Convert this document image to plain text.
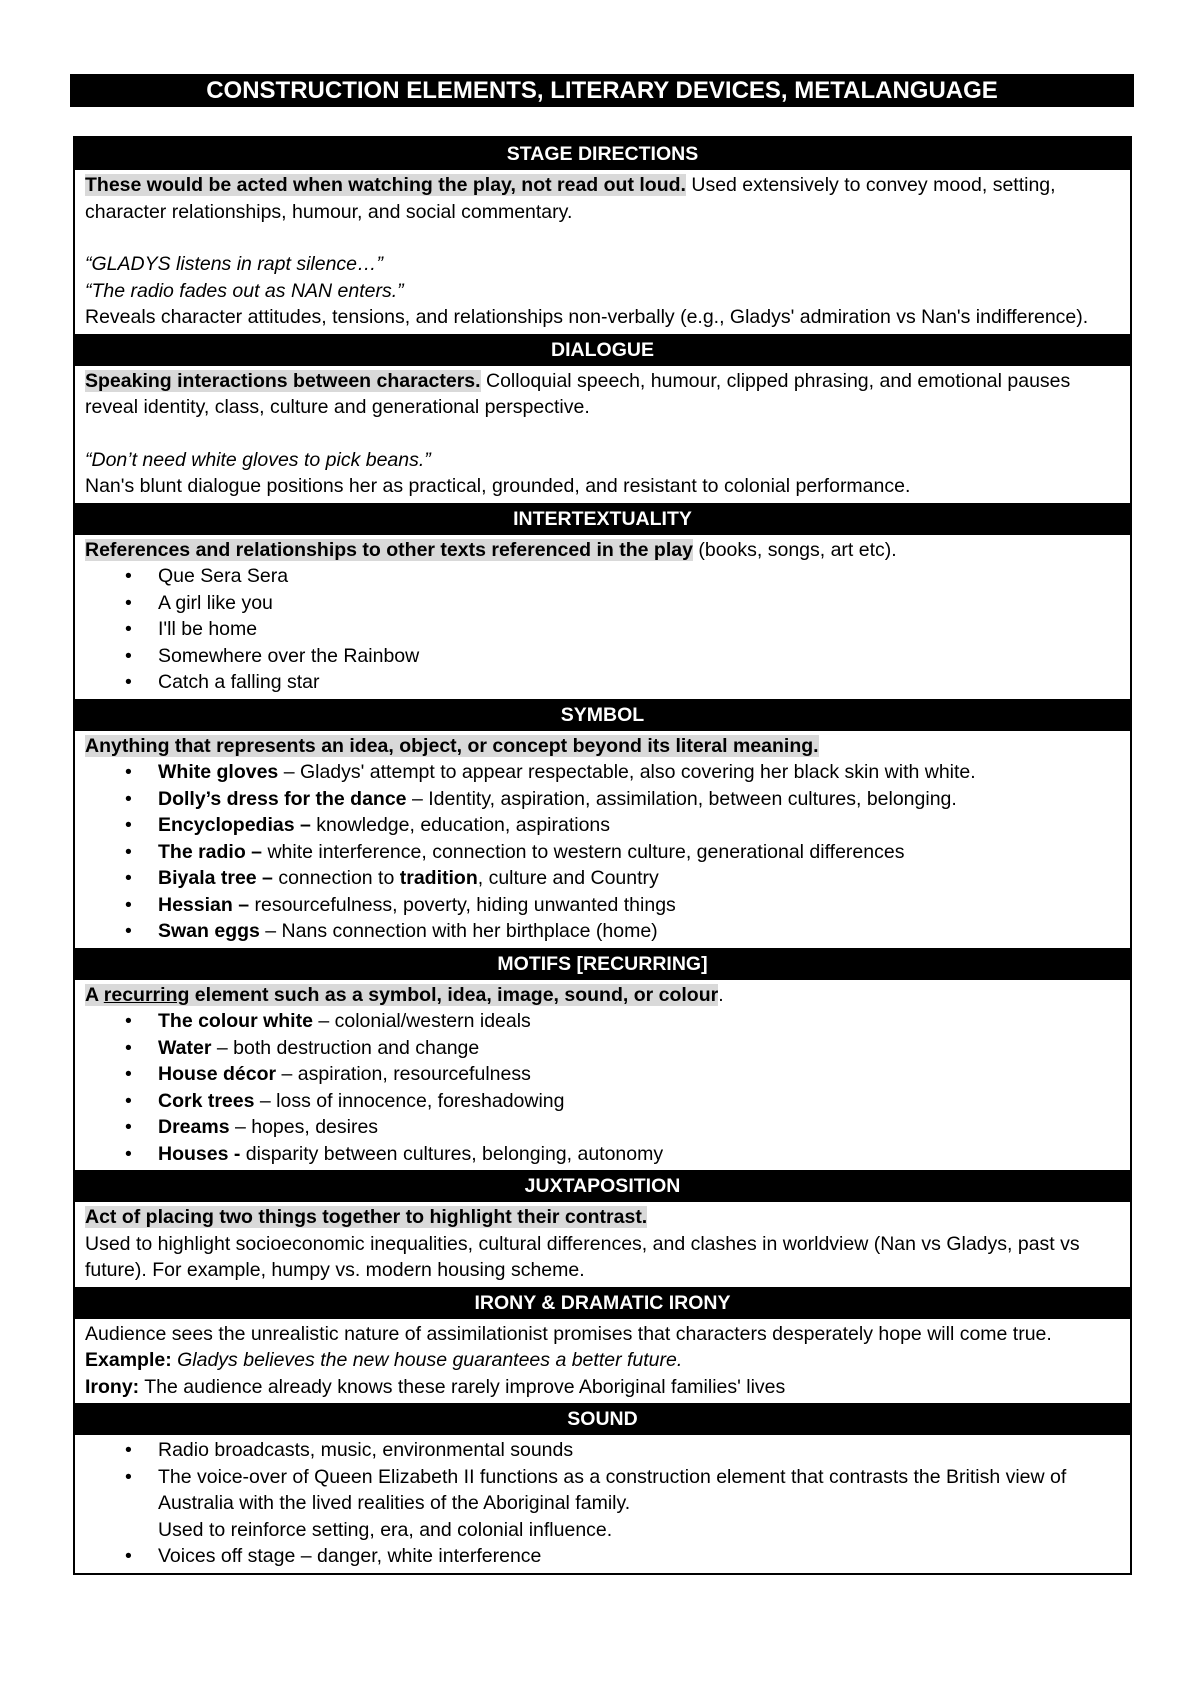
CONSTRUCTION ELEMENTS, LITERARY DEVICES, METALANGUAGE
STAGE DIRECTIONS

These would be acted when watching the play, not read out loud. Used extensively to convey mood, setting, character relationships, humour, and social commentary.

“GLADYS listens in rapt silence…”

“The radio fades out as NAN enters.”

Reveals character attitudes, tensions, and relationships non-verbally (e.g., Gladys' admiration vs Nan's indifference).

DIALOGUE

Speaking interactions between characters. Colloquial speech, humour, clipped phrasing, and emotional pauses reveal identity, class, culture and generational perspective.

“Don’t need white gloves to pick beans.”

Nan's blunt dialogue positions her as practical, grounded, and resistant to colonial performance.

INTERTEXTUALITY

References and relationships to other texts referenced in the play (books, songs, art etc).

• Que Sera Sera
• A girl like you
• I'll be home
• Somewhere over the Rainbow
• Catch a falling star
SYMBOL

Anything that represents an idea, object, or concept beyond its literal meaning.

• White gloves – Gladys' attempt to appear respectable, also covering her black skin with white.
• Dolly’s dress for the dance – Identity, aspiration, assimilation, between cultures, belonging.
• Encyclopedias – knowledge, education, aspirations
• The radio – white interference, connection to western culture, generational differences
• Biyala tree – connection to tradition, culture and Country
• Hessian – resourcefulness, poverty, hiding unwanted things
• Swan eggs – Nans connection with her birthplace (home)
MOTIFS [RECURRING]

A recurring element such as a symbol, idea, image, sound, or colour.

• The colour white – colonial/western ideals
• Water – both destruction and change
• House décor – aspiration, resourcefulness
• Cork trees – loss of innocence, foreshadowing
• Dreams – hopes, desires
• Houses - disparity between cultures, belonging, autonomy
JUXTAPOSITION

Act of placing two things together to highlight their contrast.

Used to highlight socioeconomic inequalities, cultural differences, and clashes in worldview (Nan vs Gladys, past vs future). For example, humpy vs. modern housing scheme.

IRONY & DRAMATIC IRONY

Audience sees the unrealistic nature of assimilationist promises that characters desperately hope will come true.

Example: Gladys believes the new house guarantees a better future.

Irony: The audience already knows these rarely improve Aboriginal families' lives

SOUND
• Radio broadcasts, music, environmental sounds
• The voice-over of Queen Elizabeth II functions as a construction element that contrasts the British view of Australia with the lived realities of the Aboriginal family.

Used to reinforce setting, era, and colonial influence.

• Voices off stage – danger, white interference
